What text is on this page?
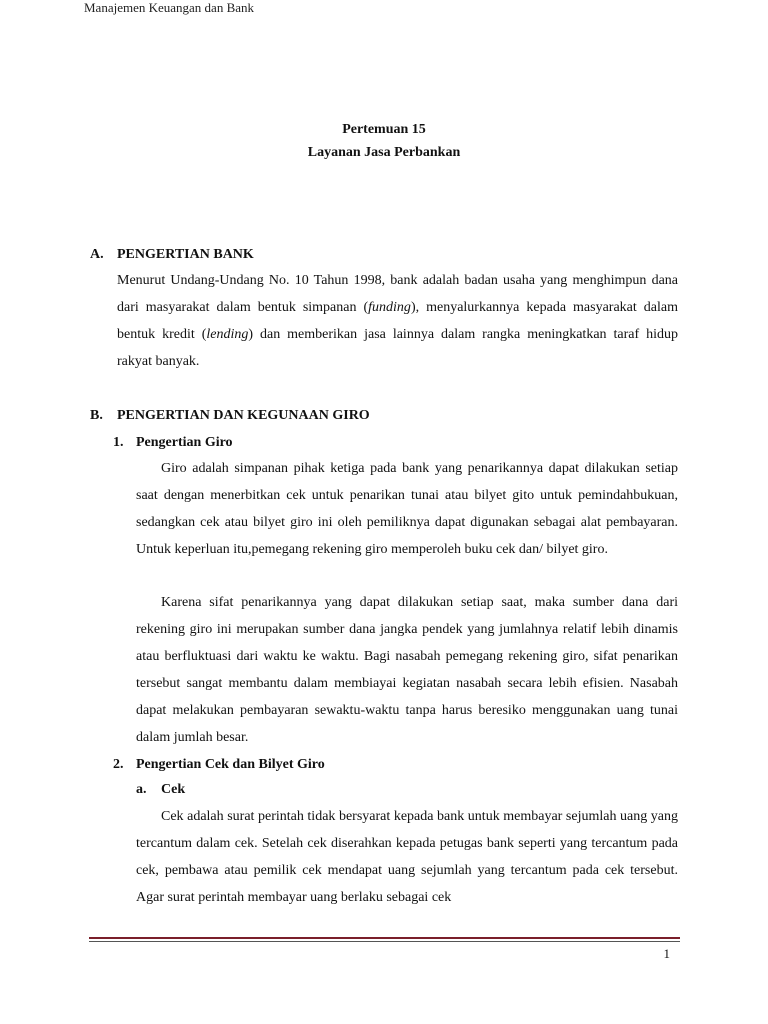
Manajemen Keuangan dan Bank
Pertemuan 15
Layanan Jasa Perbankan
A. PENGERTIAN BANK
Menurut Undang-Undang No. 10 Tahun 1998, bank adalah badan usaha yang menghimpun dana dari masyarakat dalam bentuk simpanan (funding), menyalurkannya kepada masyarakat dalam bentuk kredit (lending) dan memberikan jasa lainnya dalam rangka meningkatkan taraf hidup rakyat banyak.
B. PENGERTIAN DAN KEGUNAAN GIRO
1. Pengertian Giro
Giro adalah simpanan pihak ketiga pada bank yang penarikannya dapat dilakukan setiap saat dengan menerbitkan cek untuk penarikan tunai atau bilyet gito untuk pemindahbukuan, sedangkan cek atau bilyet giro ini oleh pemiliknya dapat digunakan sebagai alat pembayaran. Untuk keperluan itu,pemegang rekening giro memperoleh buku cek dan/ bilyet giro.
Karena sifat penarikannya yang dapat dilakukan setiap saat, maka sumber dana dari rekening giro ini merupakan sumber dana jangka pendek yang jumlahnya relatif lebih dinamis atau berfluktuasi dari waktu ke waktu. Bagi nasabah pemegang rekening giro, sifat penarikan tersebut sangat membantu dalam membiayai kegiatan nasabah secara lebih efisien. Nasabah dapat melakukan pembayaran sewaktu-waktu tanpa harus beresiko menggunakan uang tunai dalam jumlah besar.
2. Pengertian Cek dan Bilyet Giro
a. Cek
Cek adalah surat perintah tidak bersyarat kepada bank untuk membayar sejumlah uang yang tercantum dalam cek. Setelah cek diserahkan kepada petugas bank seperti yang tercantum pada cek, pembawa atau pemilik cek mendapat uang sejumlah yang tercantum pada cek tersebut. Agar surat perintah membayar uang berlaku sebagai cek
1
